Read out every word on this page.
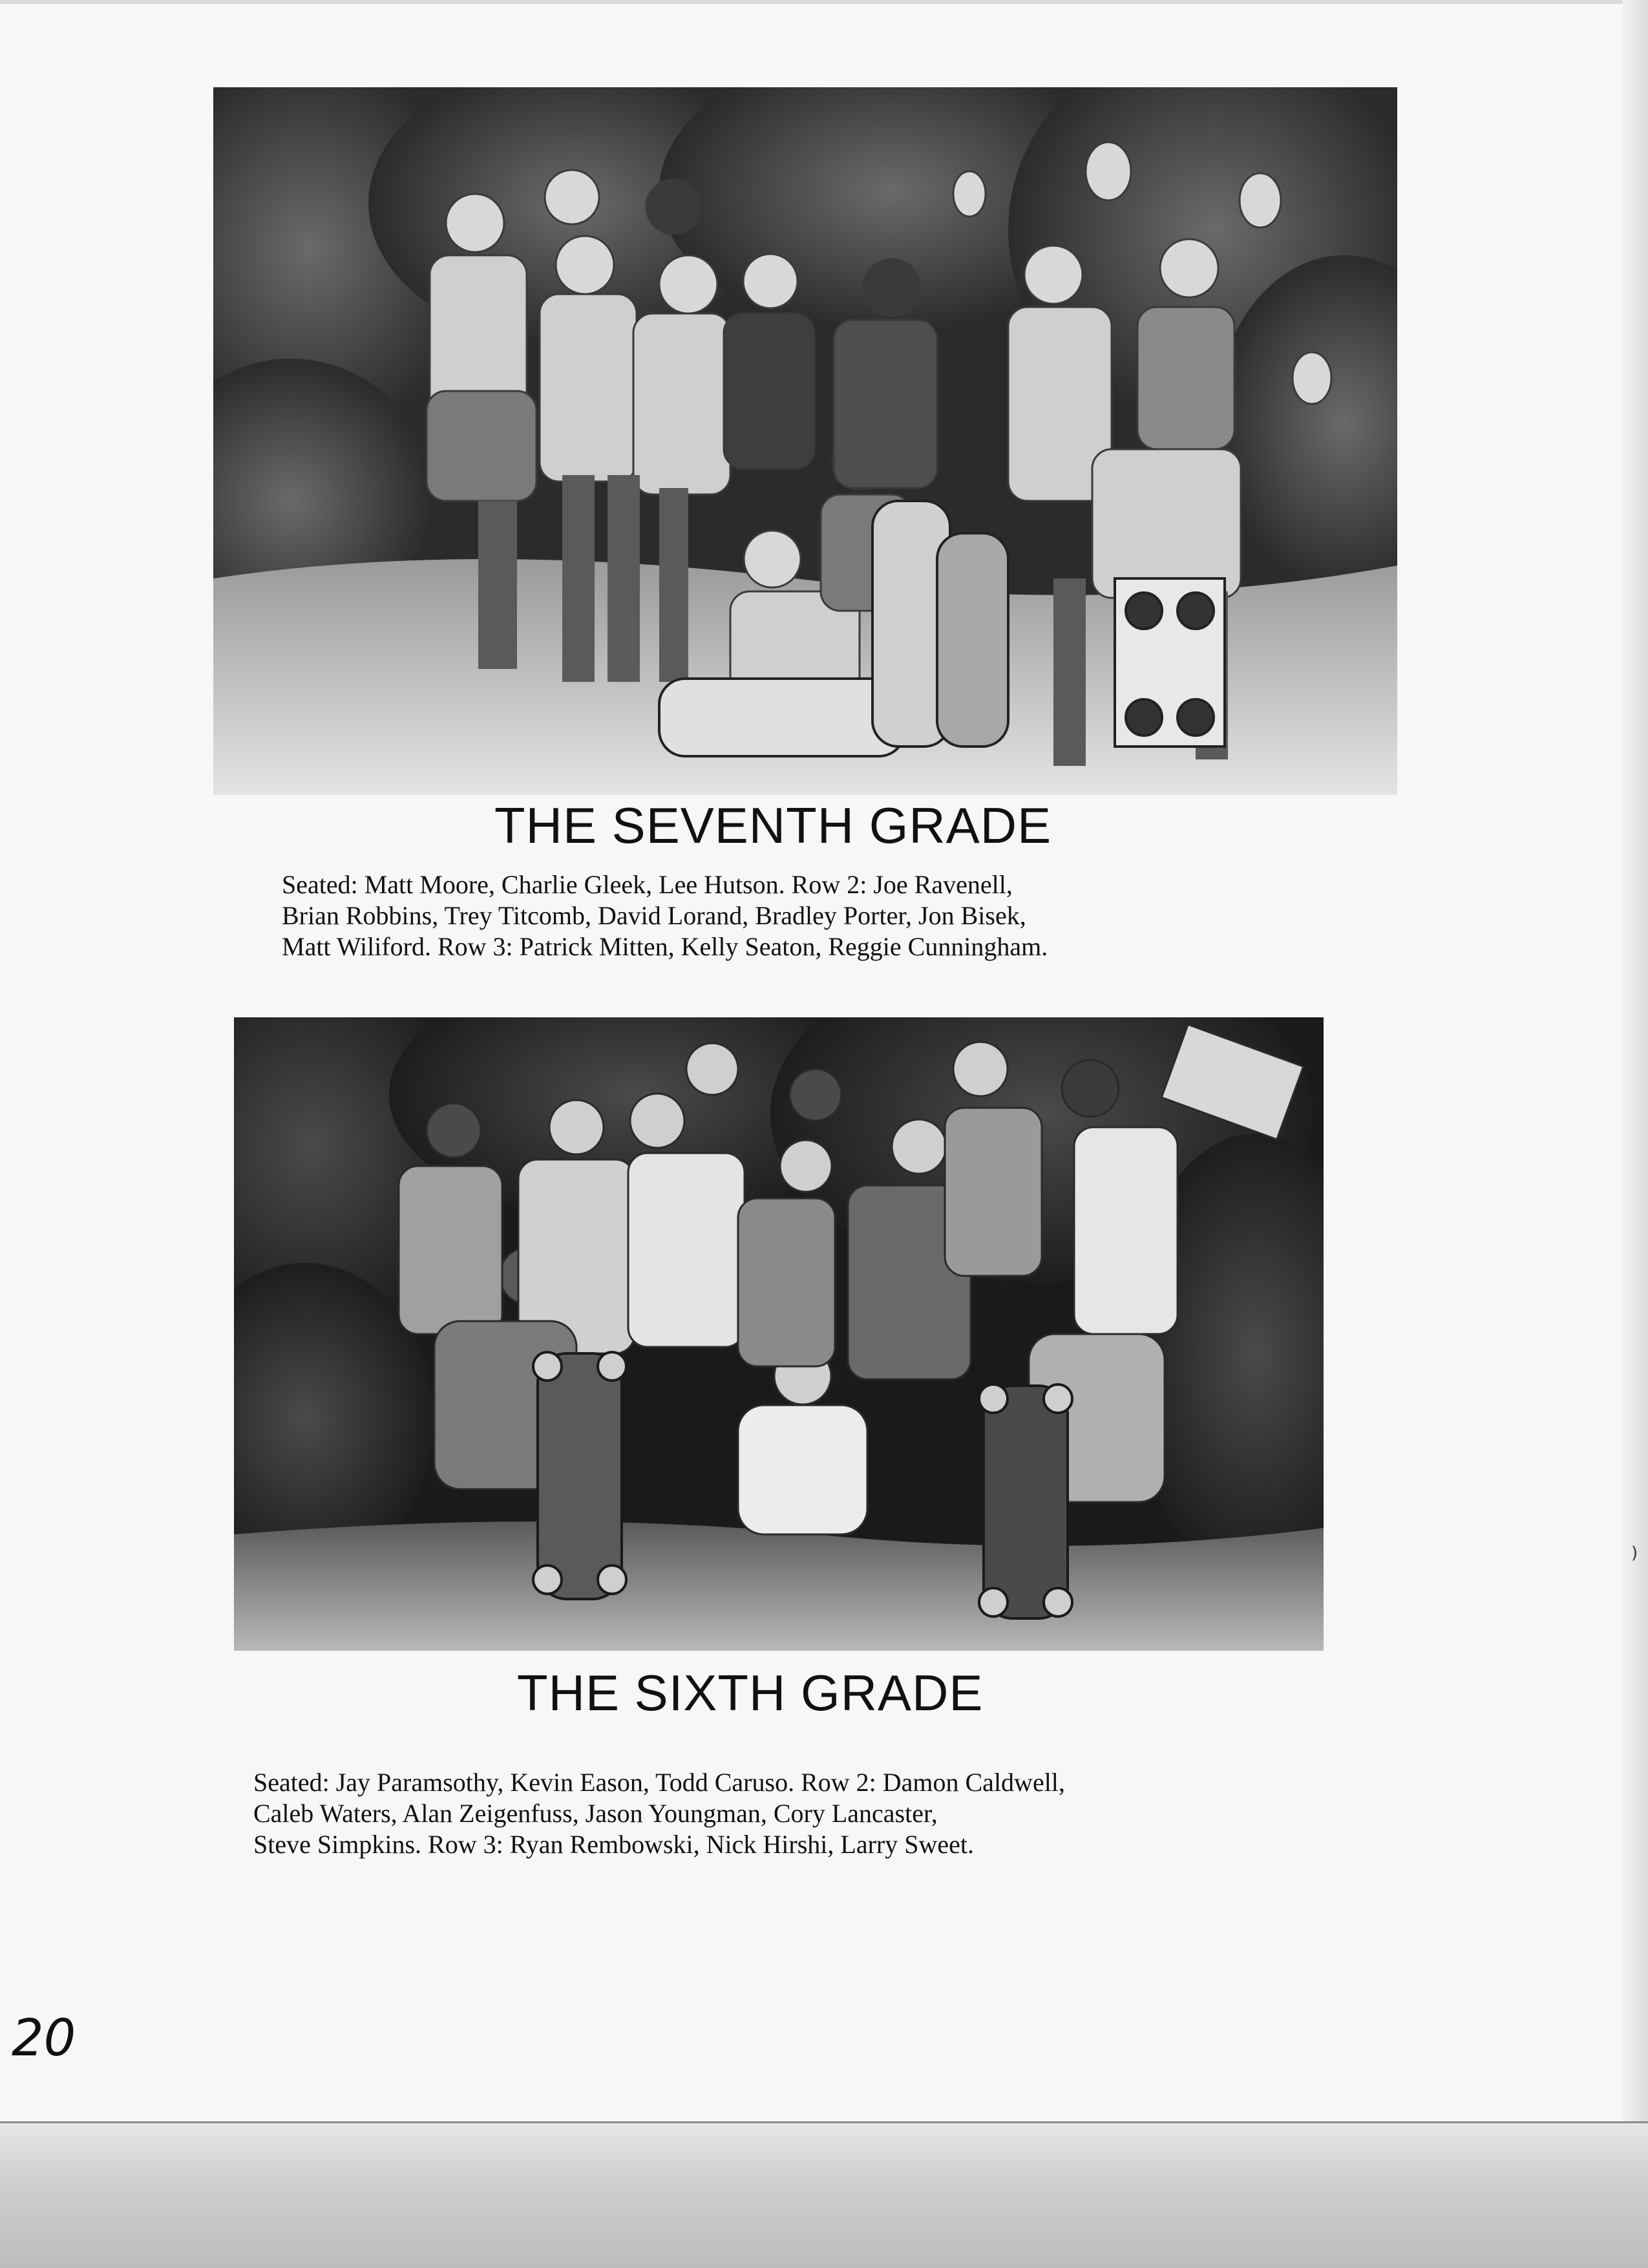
THE SEVENTH GRADE
Seated: Matt Moore, Charlie Gleek, Lee Hutson. Row 2: Joe Ravenell,
Brian Robbins, Trey Titcomb, David Lorand, Bradley Porter, Jon Bisek,
Matt Wiliford. Row 3: Patrick Mitten, Kelly Seaton, Reggie Cunningham.
THE SIXTH GRADE
Seated: Jay Paramsothy, Kevin Eason, Todd Caruso. Row 2: Damon Caldwell,
Caleb Waters, Alan Zeigenfuss, Jason Youngman, Cory Lancaster,
Steve Simpkins. Row 3: Ryan Rembowski, Nick Hirshi, Larry Sweet.
)
20
